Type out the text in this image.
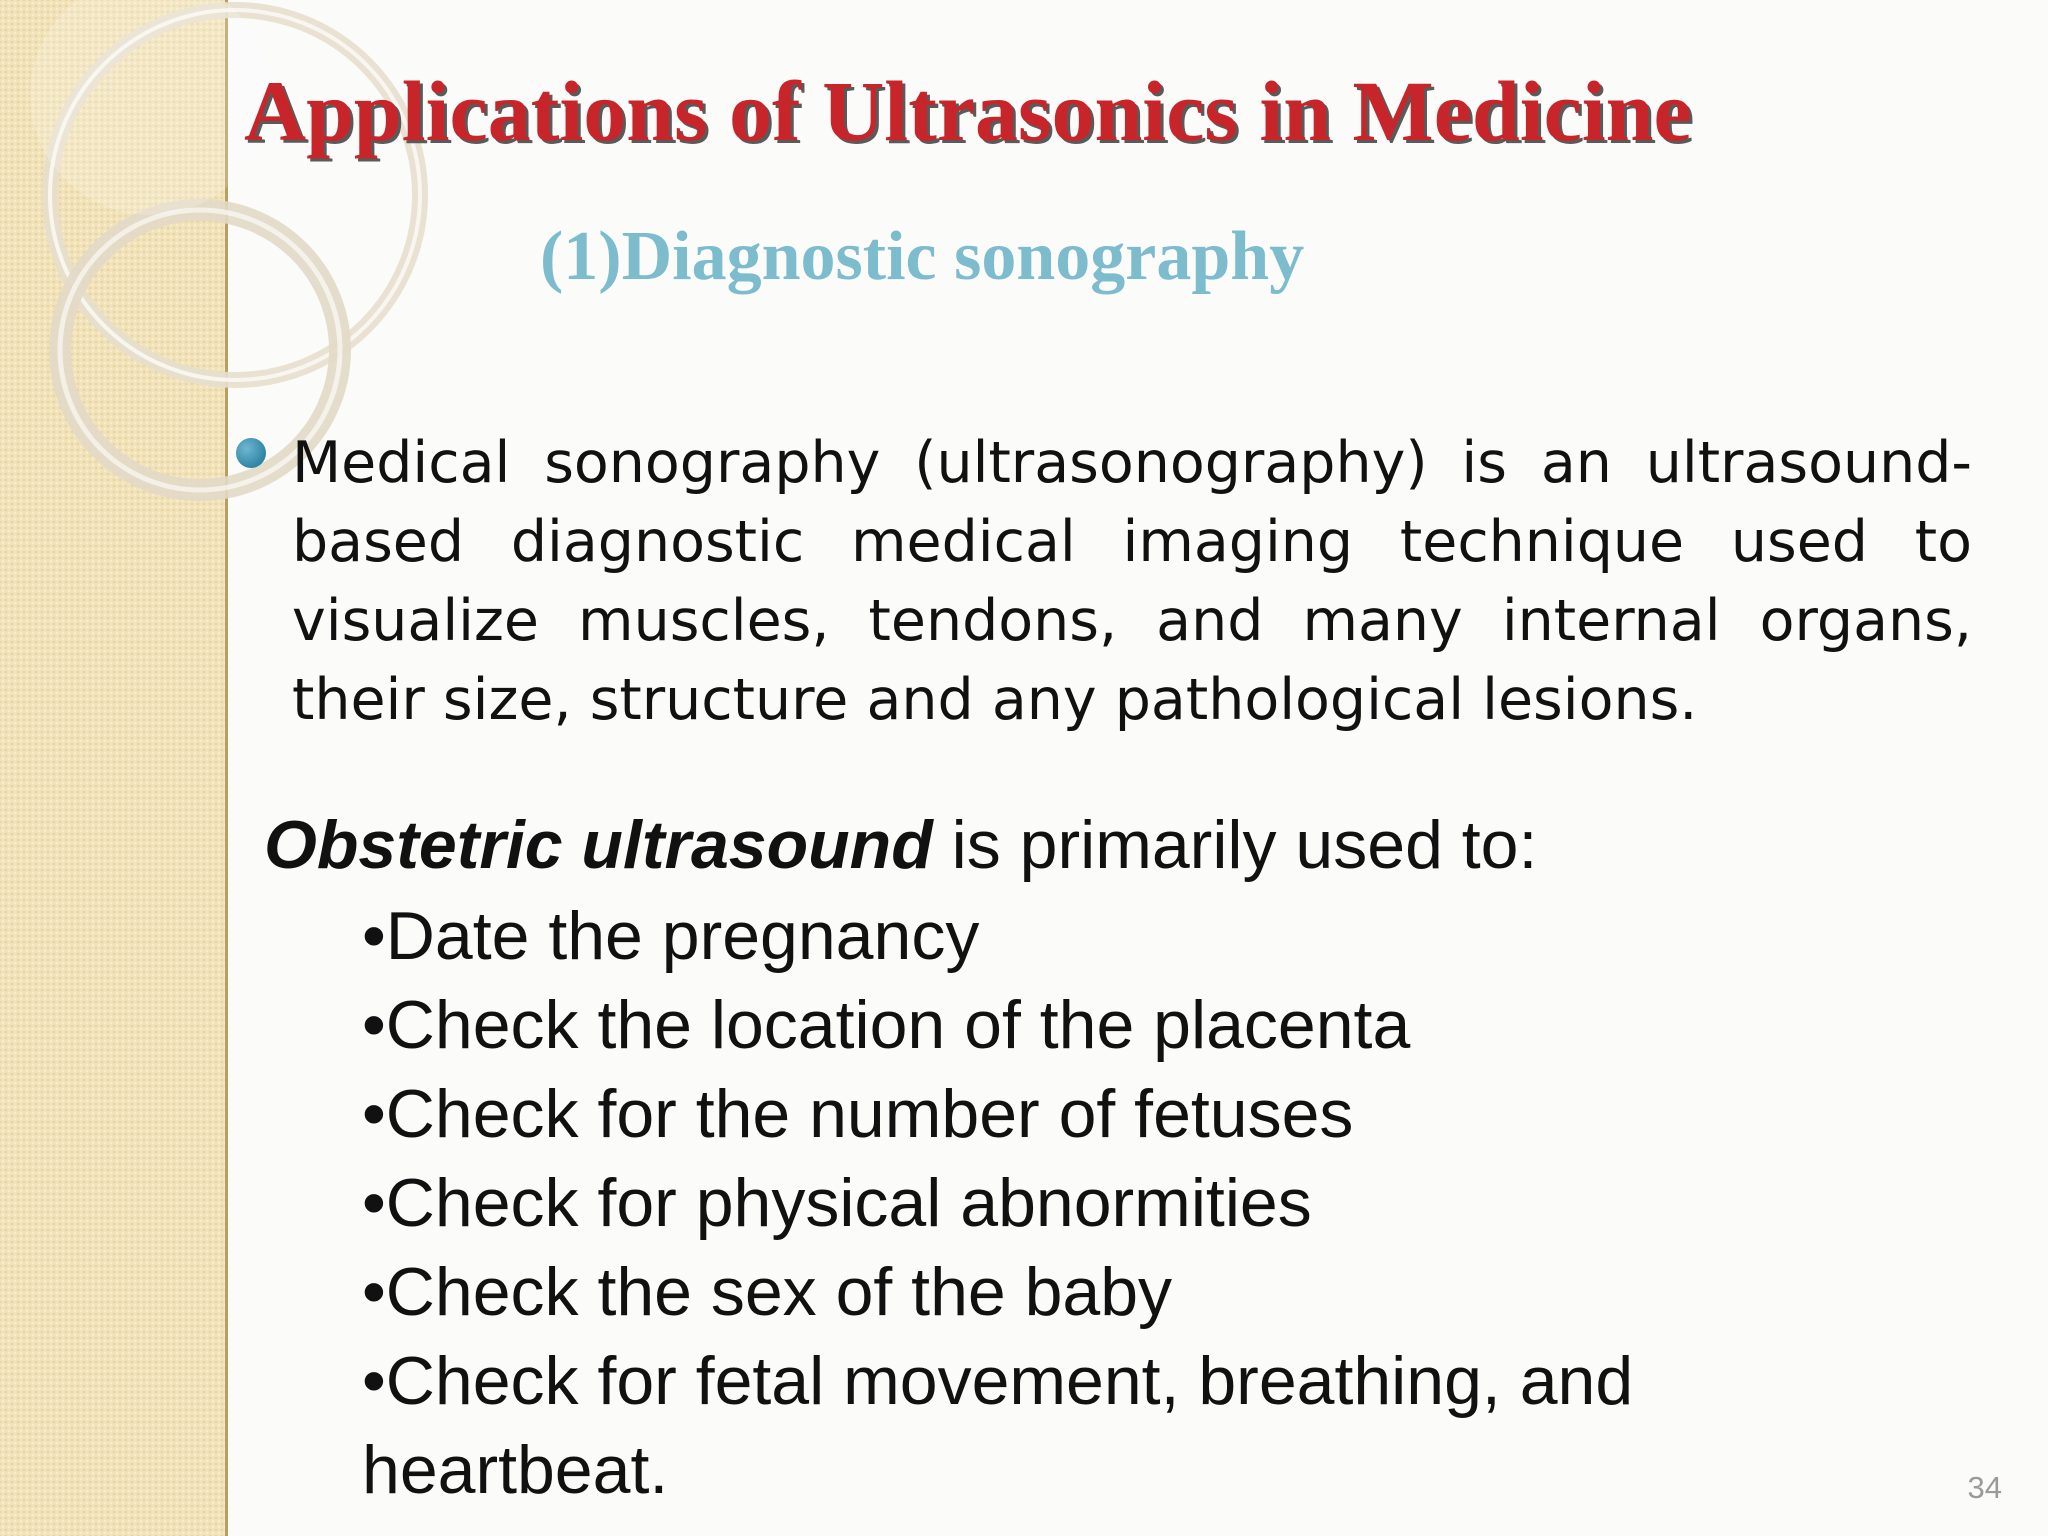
Applications of Ultrasonics in Medicine
(1)Diagnostic sonography

Medical sonography (ultrasonography) is an ultrasound-based diagnostic medical imaging technique used to visualize muscles, tendons, and many internal organs, their size, structure and any pathological lesions.

Obstetric ultrasound is primarily used to:

•Date the pregnancy
•Check the location of the placenta
•Check for the number of fetuses
•Check for physical abnormities
•Check the sex of the baby
•Check for fetal movement, breathing, and heartbeat.	34
